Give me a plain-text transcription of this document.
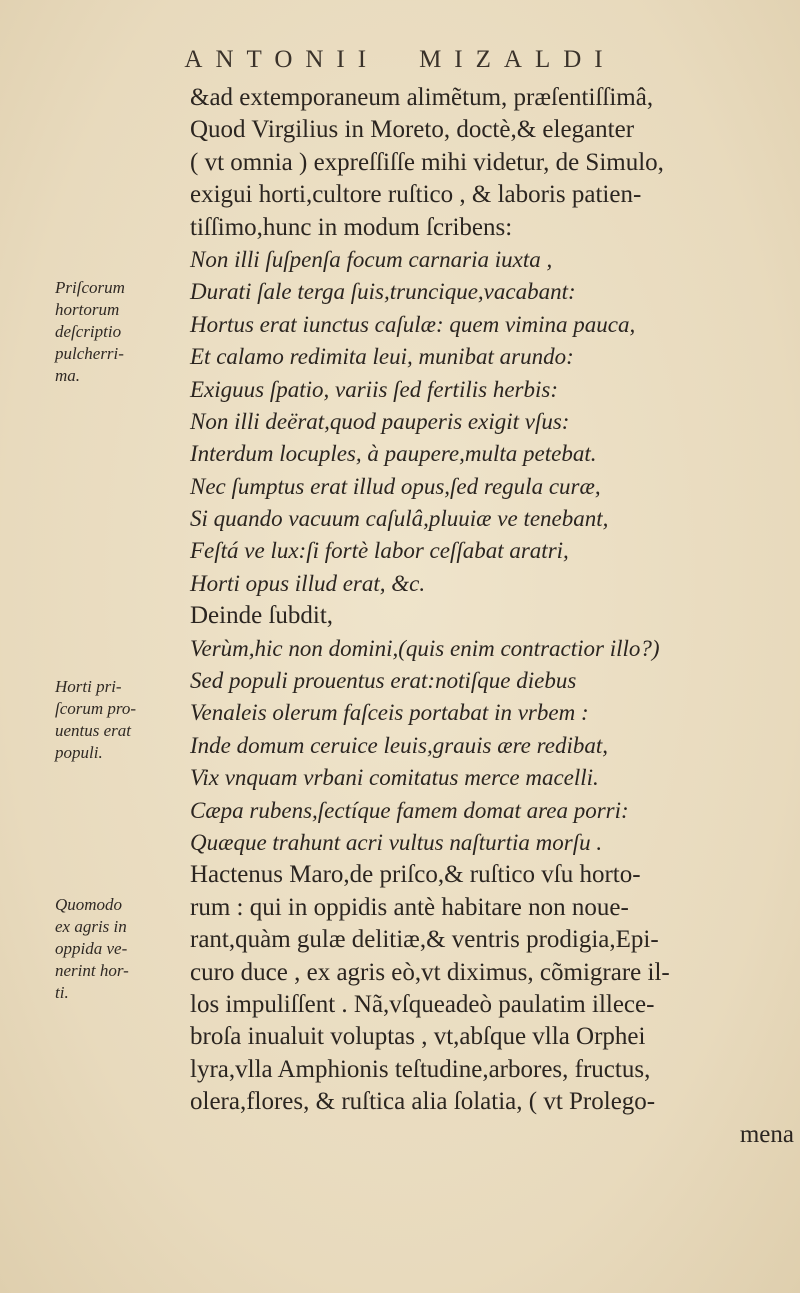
ANTONII MIZALDI
Priſcorum
hortorum
deſcriptio
pulcherri-
ma.
Horti pri-
ſcorum pro-
uentus erat
populi.
Quomodo
ex agris in
oppida ve-
nerint hor-
ti.
&ad extemporaneum alimẽtum, præſentiſſimâ,
Quod Virgilius in Moreto, doctè,& eleganter
( vt omnia ) expreſſiſſe mihi videtur, de Simulo,
exigui horti,cultore ruſtico , & laboris patien-
tiſſimo,hunc in modum ſcribens:
Non illi ſuſpenſa focum carnaria iuxta ,
Durati ſale terga ſuis,truncique,vacabant:
Hortus erat iunctus caſulæ: quem vimina pauca,
Et calamo redimita leui, munibat arundo:
Exiguus ſpatio, variis ſed fertilis herbis:
Non illi deërat,quod pauperis exigit vſus:
Interdum locuples, à paupere,multa petebat.
Nec ſumptus erat illud opus,ſed regula curæ,
Si quando vacuum caſulâ,pluuiæ ve tenebant,
Feſtá ve lux:ſi fortè labor ceſſabat aratri,
Horti opus illud erat, &c.
Deinde ſubdit,
Verùm,hic non domini,(quis enim contractior illo?)
Sed populi prouentus erat:notiſque diebus
Venaleis olerum faſceis portabat in vrbem :
Inde domum ceruice leuis,grauis ære redibat,
Vix vnquam vrbani comitatus merce macelli.
Cæpa rubens,ſectíque famem domat area porri:
Quæque trahunt acri vultus naſturtia morſu .
Hactenus Maro,de priſco,& ruſtico vſu horto-
rum : qui in oppidis antè habitare non noue-
rant,quàm gulæ delitiæ,& ventris prodigia,Epi-
curo duce , ex agris eò,vt diximus, cõmigrare il-
los impuliſſent . Nã,vſqueadeò paulatim illece-
broſa inualuit voluptas , vt,abſque vlla Orphei
lyra,vlla Amphionis teſtudine,arbores, fructus,
olera,flores, & ruſtica alia ſolatia, ( vt Prolego-
mena
